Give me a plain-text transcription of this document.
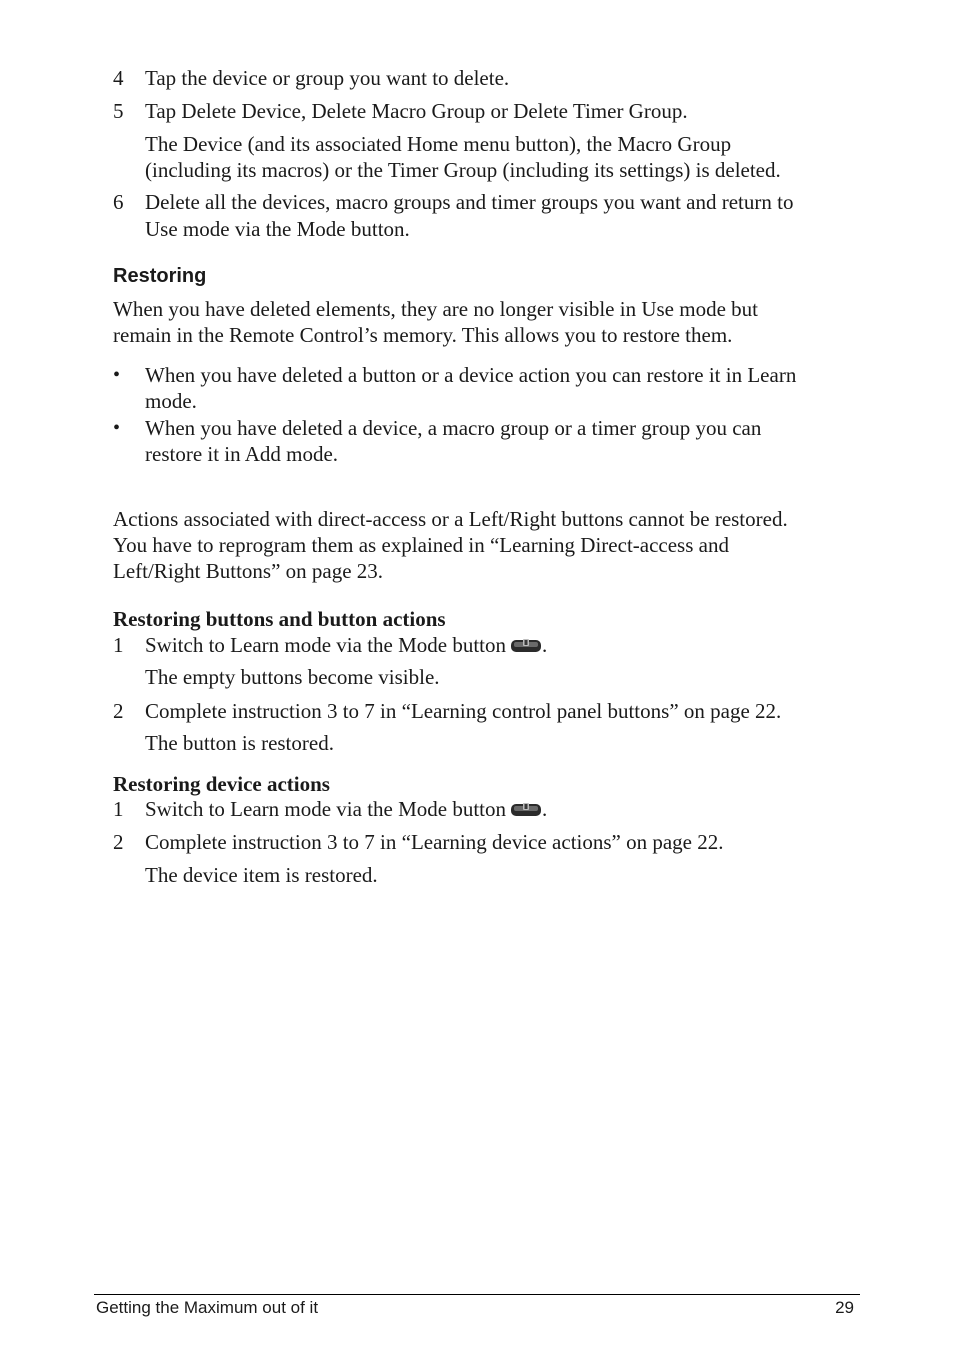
4 Tap the device or group you want to delete.
5 Tap Delete Device, Delete Macro Group or Delete Timer Group.
The Device (and its associated Home menu button), the Macro Group
(including its macros) or the Timer Group (including its settings) is deleted.
6 Delete all the devices, macro groups and timer groups you want and return to
Use mode via the Mode button.
Restoring
When you have deleted elements, they are no longer visible in Use mode but
remain in the Remote Control’s memory. This allows you to restore them.
• When you have deleted a button or a device action you can restore it in Learn
mode.
• When you have deleted a device, a macro group or a timer group you can
restore it in Add mode.
Actions associated with direct-access or a Left/Right buttons cannot be restored.
You have to reprogram them as explained in “Learning Direct-access and
Left/Right Buttons” on page 23.
Restoring buttons and button actions
1 Switch to Learn mode via the Mode button .
The empty buttons become visible.
2 Complete instruction 3 to 7 in “Learning control panel buttons” on page 22.
The button is restored.
Restoring device actions
1 Switch to Learn mode via the Mode button .
2 Complete instruction 3 to 7 in “Learning device actions” on page 22.
The device item is restored.
Getting the Maximum out of it	29
